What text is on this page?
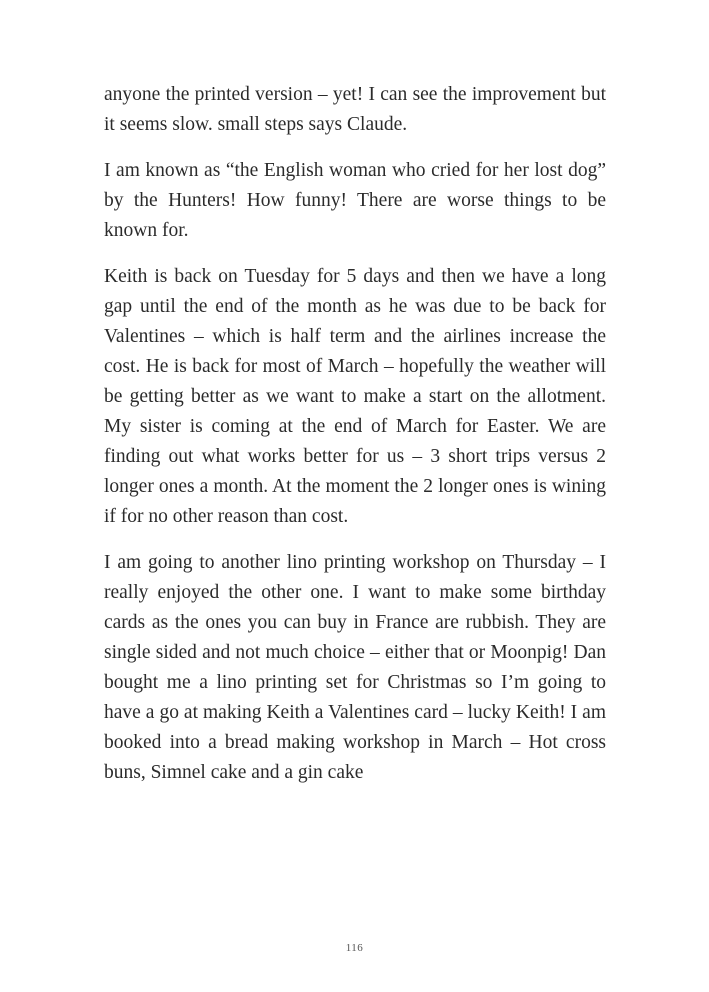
anyone the printed version – yet! I can see the improvement but it seems slow. small steps says Claude.

I am known as “the English woman who cried for her lost dog” by the Hunters! How funny! There are worse things to be known for.

Keith is back on Tuesday for 5 days and then we have a long gap until the end of the month as he was due to be back for Valentines – which is half term and the airlines increase the cost. He is back for most of March – hopefully the weather will be getting better as we want to make a start on the allotment. My sister is coming at the end of March for Easter. We are finding out what works better for us – 3 short trips versus 2 longer ones a month. At the moment the 2 longer ones is wining if for no other reason than cost.

I am going to another lino printing workshop on Thursday – I really enjoyed the other one. I want to make some birthday cards as the ones you can buy in France are rubbish. They are single sided and not much choice – either that or Moonpig! Dan bought me a lino printing set for Christmas so I’m going to have a go at making Keith a Valentines card – lucky Keith! I am booked into a bread making workshop in March – Hot cross buns, Simnel cake and a gin cake

116
